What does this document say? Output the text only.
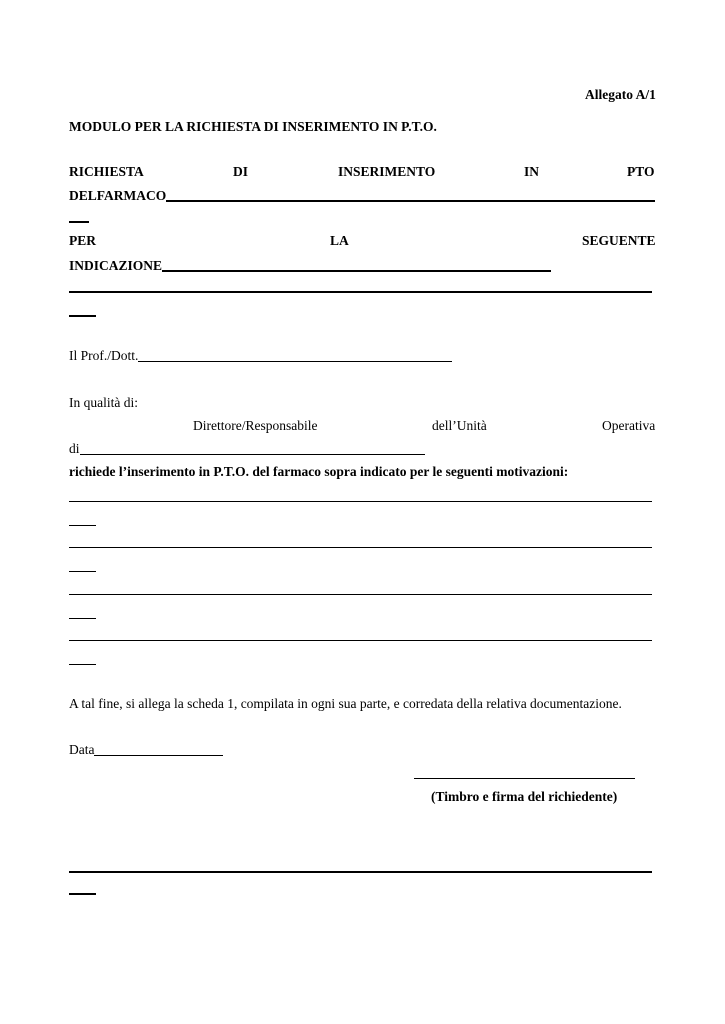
Allegato A/1
MODULO PER LA RICHIESTA DI INSERIMENTO IN P.T.O.
RICHIESTA	DI	INSERIMENTO	IN	PTO
DELFARMACO
PER	LA	SEGUENTE
INDICAZIONE
Il Prof./Dott.
In qualità di:
Direttore/Responsabile	dell’Unità	Operativa
di
richiede l’inserimento in P.T.O. del farmaco sopra indicato per le seguenti motivazioni:
A tal fine, si allega la scheda 1, compilata in ogni sua parte, e corredata della relativa documentazione.
Data
(Timbro e firma del richiedente)
